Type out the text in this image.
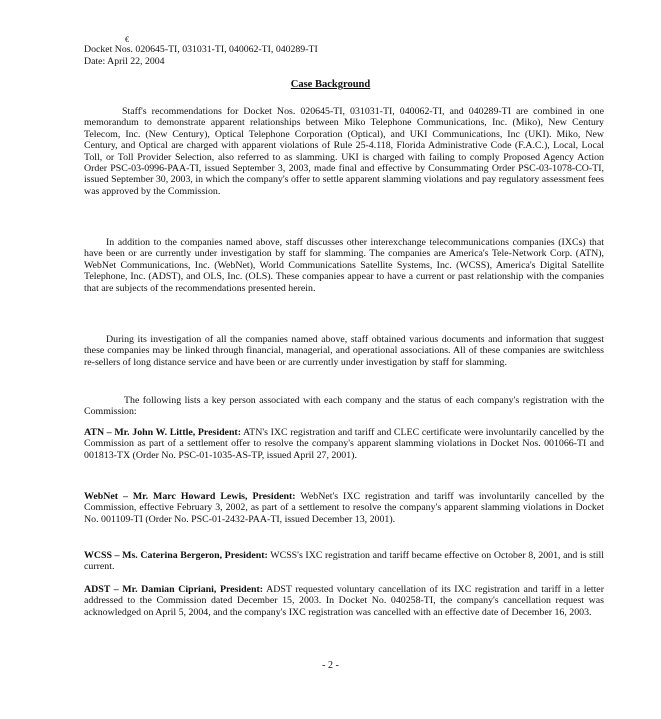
€
Docket Nos. 020645-TI, 031031-TI, 040062-TI, 040289-TI
Date: April 22, 2004
Case Background
Staff's recommendations for Docket Nos. 020645-TI, 031031-TI, 040062-TI, and 040289-TI are combined in one memorandum to demonstrate apparent relationships between Miko Telephone Communications, Inc. (Miko), New Century Telecom, Inc. (New Century), Optical Telephone Corporation (Optical), and UKI Communications, Inc (UKI). Miko, New Century, and Optical are charged with apparent violations of Rule 25-4.118, Florida Administrative Code (F.A.C.), Local, Local Toll, or Toll Provider Selection, also referred to as slamming. UKI is charged with failing to comply Proposed Agency Action Order PSC-03-0996-PAA-TI, issued September 3, 2003, made final and effective by Consummating Order PSC-03-1078-CO-TI, issued September 30, 2003, in which the company's offer to settle apparent slamming violations and pay regulatory assessment fees was approved by the Commission.
In addition to the companies named above, staff discusses other interexchange telecommunications companies (IXCs) that have been or are currently under investigation by staff for slamming. The companies are America's Tele-Network Corp. (ATN), WebNet Communications, Inc. (WebNet), World Communications Satellite Systems, Inc. (WCSS), America's Digital Satellite Telephone, Inc. (ADST), and OLS, Inc. (OLS). These companies appear to have a current or past relationship with the companies that are subjects of the recommendations presented herein.
During its investigation of all the companies named above, staff obtained various documents and information that suggest these companies may be linked through financial, managerial, and operational associations. All of these companies are switchless re-sellers of long distance service and have been or are currently under investigation by staff for slamming.
The following lists a key person associated with each company and the status of each company's registration with the Commission:
ATN – Mr. John W. Little, President: ATN's IXC registration and tariff and CLEC certificate were involuntarily cancelled by the Commission as part of a settlement offer to resolve the company's apparent slamming violations in Docket Nos. 001066-TI and 001813-TX (Order No. PSC-01-1035-AS-TP, issued April 27, 2001).
WebNet – Mr. Marc Howard Lewis, President: WebNet's IXC registration and tariff was involuntarily cancelled by the Commission, effective February 3, 2002, as part of a settlement to resolve the company's apparent slamming violations in Docket No. 001109-TI (Order No. PSC-01-2432-PAA-TI, issued December 13, 2001).
WCSS – Ms. Caterina Bergeron, President: WCSS's IXC registration and tariff became effective on October 8, 2001, and is still current.
ADST – Mr. Damian Cipriani, President: ADST requested voluntary cancellation of its IXC registration and tariff in a letter addressed to the Commission dated December 15, 2003. In Docket No. 040258-TI, the company's cancellation request was acknowledged on April 5, 2004, and the company's IXC registration was cancelled with an effective date of December 16, 2003.
- 2 -
